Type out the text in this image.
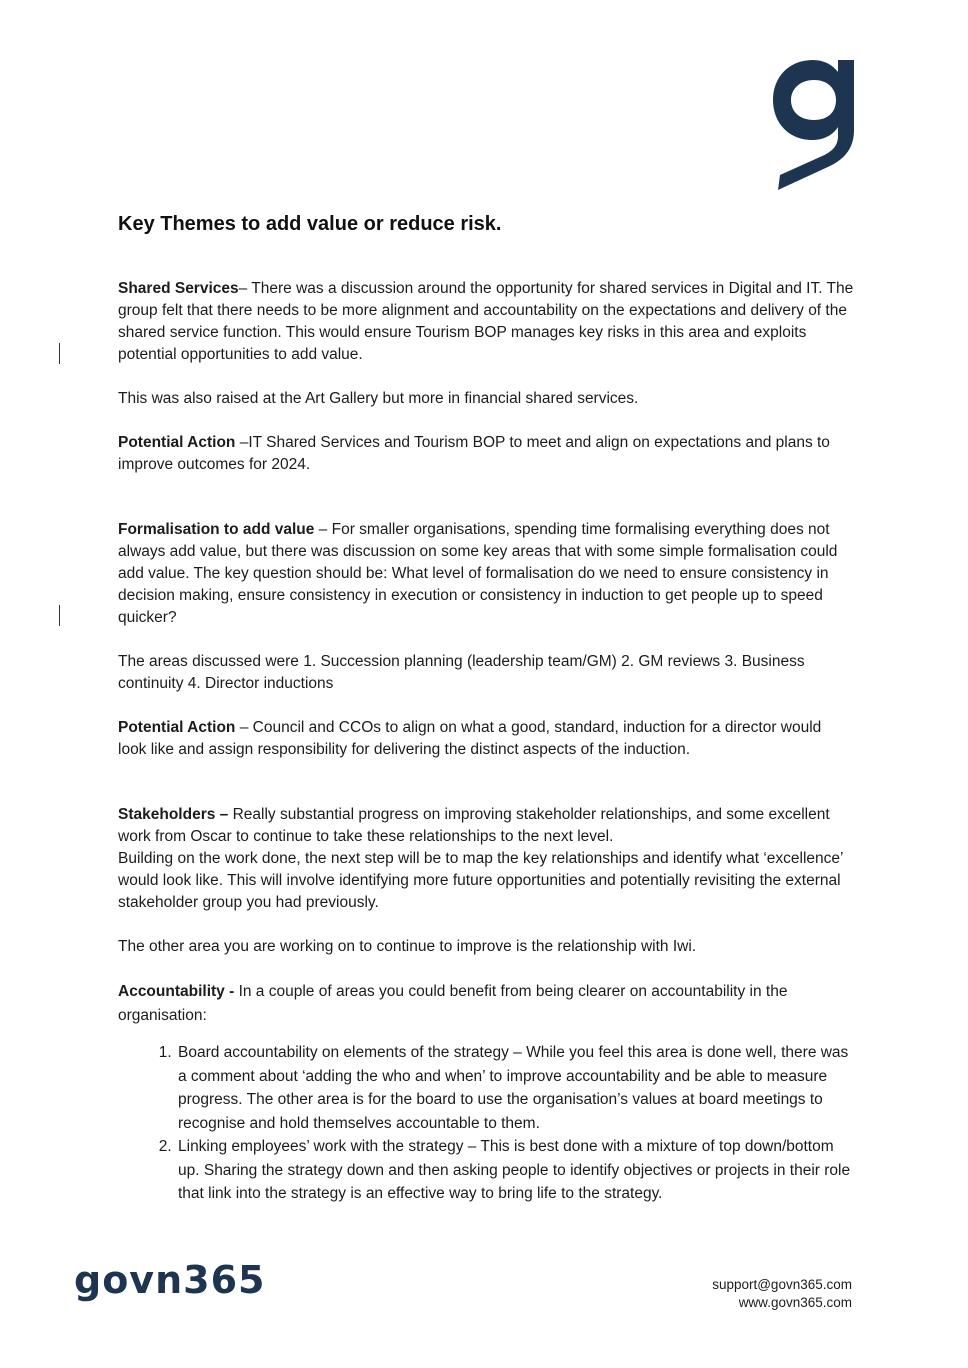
Key Themes to add value or reduce risk.

Shared Services– There was a discussion around the opportunity for shared services in Digital and IT. The group felt that there needs to be more alignment and accountability on the expectations and delivery of the shared service function. This would ensure Tourism BOP manages key risks in this area and exploits potential opportunities to add value.

This was also raised at the Art Gallery but more in financial shared services.

Potential Action –IT Shared Services and Tourism BOP to meet and align on expectations and plans to improve outcomes for 2024.

Formalisation to add value – For smaller organisations, spending time formalising everything does not always add value, but there was discussion on some key areas that with some simple formalisation could add value. The key question should be: What level of formalisation do we need to ensure consistency in decision making, ensure consistency in execution or consistency in induction to get people up to speed quicker?

The areas discussed were 1. Succession planning (leadership team/GM) 2. GM reviews 3. Business continuity 4. Director inductions

Potential Action – Council and CCOs to align on what a good, standard, induction for a director would look like and assign responsibility for delivering the distinct aspects of the induction.

Stakeholders – Really substantial progress on improving stakeholder relationships, and some excellent work from Oscar to continue to take these relationships to the next level.

Building on the work done, the next step will be to map the key relationships and identify what ‘excellence’ would look like. This will involve identifying more future opportunities and potentially revisiting the external stakeholder group you had previously.

The other area you are working on to continue to improve is the relationship with Iwi.

Accountability - In a couple of areas you could benefit from being clearer on accountability in the organisation:

1. Board accountability on elements of the strategy – While you feel this area is done well, there was a comment about ‘adding the who and when’ to improve accountability and be able to measure progress. The other area is for the board to use the organisation’s values at board meetings to recognise and hold themselves accountable to them.
2. Linking employees’ work with the strategy – This is best done with a mixture of top down/bottom up. Sharing the strategy down and then asking people to identify objectives or projects in their role that link into the strategy is an effective way to bring life to the strategy.
govn365	support@govn365.com
www.govn365.com
